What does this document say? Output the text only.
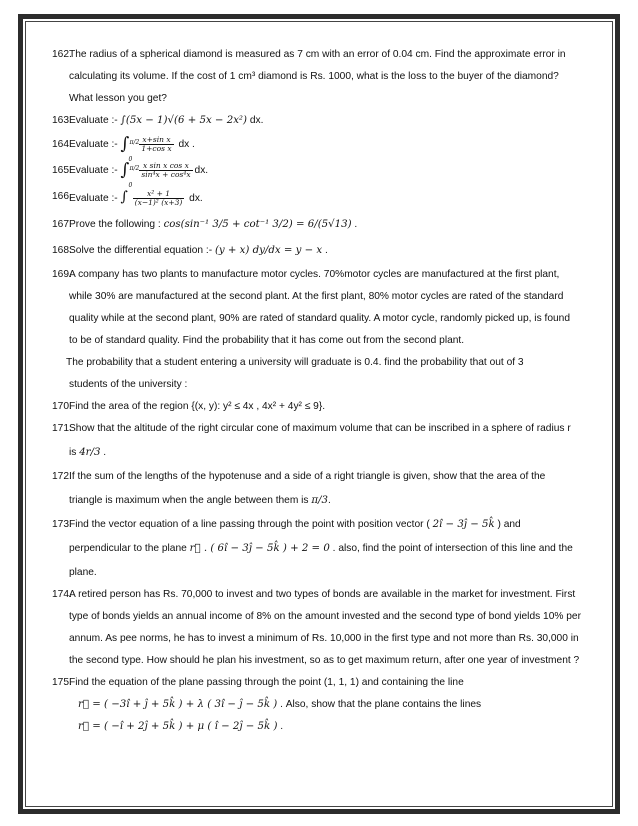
162.
The radius of a spherical diamond is measured as 7 cm with an error of 0.04 cm. Find the approximate error in
calculating its volume. If the cost of 1 cm³ diamond is Rs. 1000, what is the loss to the buyer of the diamond?
What lesson you get?
163.
Evaluate :- ∫(5x − 1)√(6 + 5x − 2x²) dx.
164.
Evaluate :- ∫ π/2
0

$\frac{\text{x+sin x}}{\text{1+cos x}}$ dx .
165.
Evaluate :- ∫ π/2
0

$\frac{\text{x sin x cos x}}{\text{sin⁴x + cos⁴x}}$ dx.
166.
Evaluate :- ∫ $\frac{\text{x² + 1}}{\text{(x−1)² (x+3)}}$ dx.
167.
Prove the following : cos(sin⁻¹ 3/5 + cot⁻¹ 3/2) = 6/(5√13) .
168.
Solve the differential equation :- (y + x) dy/dx = y − x .
169.
A company has two plants to manufacture motor cycles. 70%motor cycles are manufactured at the first plant,
while 30% are manufactured at the second plant. At the first plant, 80% motor cycles are rated of the standard
quality while at the second plant, 90% are rated of standard quality. A motor cycle, randomly picked up, is found
to be of standard quality. Find the probability that it has come out from the second plant.
The probability that a student entering a university will graduate is 0.4. find the probability that out of 3
students of the university :
170.
Find the area of the region {(x, y): y² ≤ 4x , 4x² + 4y² ≤ 9}.
171.
Show that the altitude of the right circular cone of maximum volume that can be inscribed in a sphere of radius r
is 4r/3 .
172.
If the sum of the lengths of the hypotenuse and a side of a right triangle is given, show that the area of the
triangle is maximum when the angle between them is π/3.
173.
Find the vector equation of a line passing through the point with position vector ( 2î − 3ĵ − 5k̂ ) and
perpendicular to the plane r⃗ . ( 6î − 3ĵ − 5k̂ ) + 2 = 0 . also, find the point of intersection of this line and the
plane.
174.
A retired person has Rs. 70,000 to invest and two types of bonds are available in the market for investment. First
type of bonds yields an annual income of 8% on the amount invested and the second type of bond yields 10% per
annum. As pee norms, he has to invest a minimum of Rs. 10,000 in the first type and not more than Rs. 30,000 in
the second type. How should he plan his investment, so as to get maximum return, after one year of investment ?
175.
Find the equation of the plane passing through the point (1, 1, 1) and containing the line
r⃗ = ( −3î + ĵ + 5k̂ ) + λ ( 3î − ĵ − 5k̂ ) . Also, show that the plane contains the lines
r⃗ = ( −î + 2ĵ + 5k̂ ) + μ ( î − 2ĵ − 5k̂ ) .
